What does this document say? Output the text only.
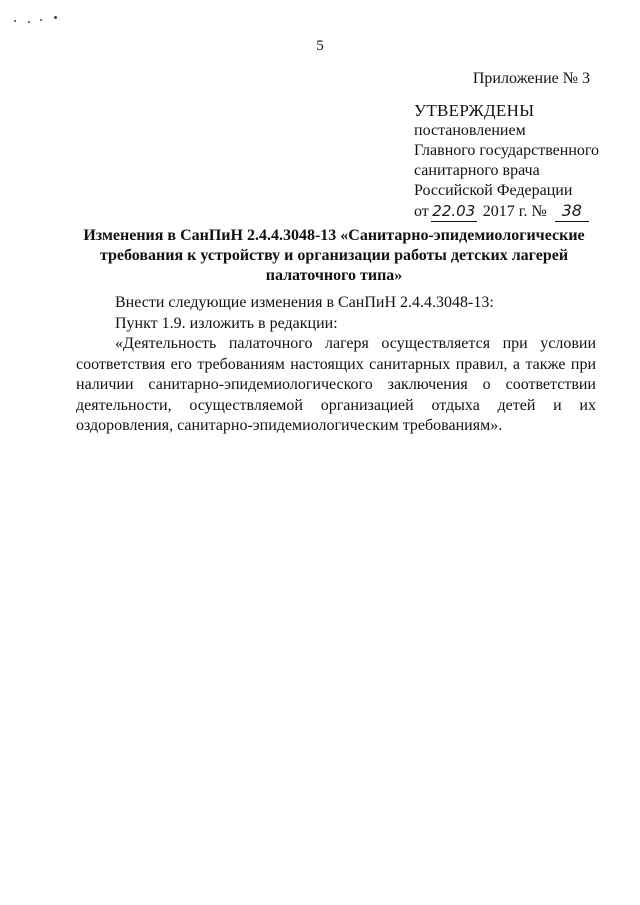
5
Приложение № 3
УТВЕРЖДЕНЫ
постановлением
Главного государственного
санитарного врача
Российской Федерации
от 22.03 2017 г. № 38
Изменения в СанПиН 2.4.4.3048-13 «Санитарно-эпидемиологические
требования к устройству и организации работы детских лагерей
палаточного типа»

Внести следующие изменения в СанПиН 2.4.4.3048-13:

Пункт 1.9. изложить в редакции:

«Деятельность палаточного лагеря осуществляется при условии соответствия его требованиям настоящих санитарных правил, а также при наличии санитарно-эпидемиологического заключения о соответствии деятельности, осуществляемой организацией отдыха детей и их оздоровления, санитарно-эпидемиологическим требованиям».
